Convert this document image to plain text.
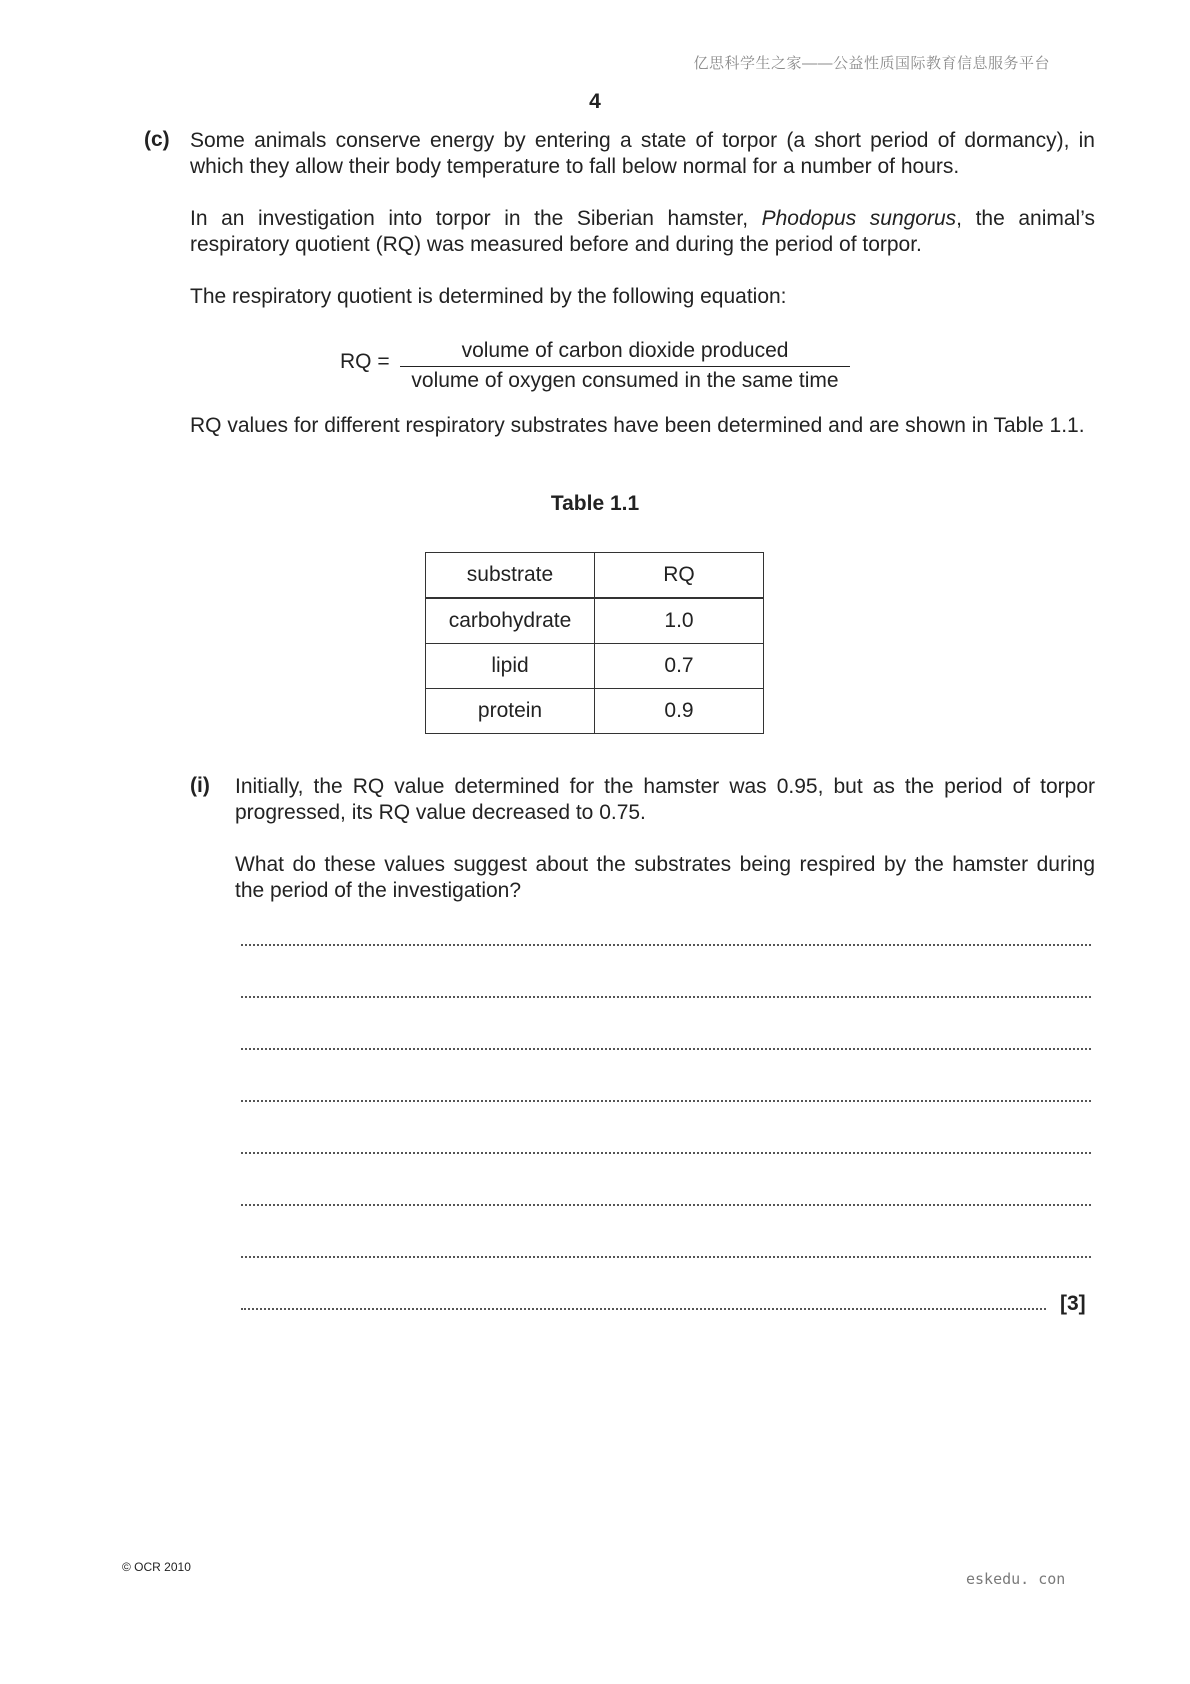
亿思科学生之家——公益性质国际教育信息服务平台
4
(c) Some animals conserve energy by entering a state of torpor (a short period of dormancy), in which they allow their body temperature to fall below normal for a number of hours.
In an investigation into torpor in the Siberian hamster, Phodopus sungorus, the animal’s respiratory quotient (RQ) was measured before and during the period of torpor.
The respiratory quotient is determined by the following equation:
RQ =	volume of carbon dioxide produced
volume of oxygen consumed in the same time
RQ values for different respiratory substrates have been determined and are shown in Table 1.1.
Table 1.1
substrate	RQ
carbohydrate	1.0
lipid	0.7
protein	0.9
(i) Initially, the RQ value determined for the hamster was 0.95, but as the period of torpor progressed, its RQ value decreased to 0.75.
What do these values suggest about the substrates being respired by the hamster during the period of the investigation?
[3]
© OCR 2010
eskedu. con
